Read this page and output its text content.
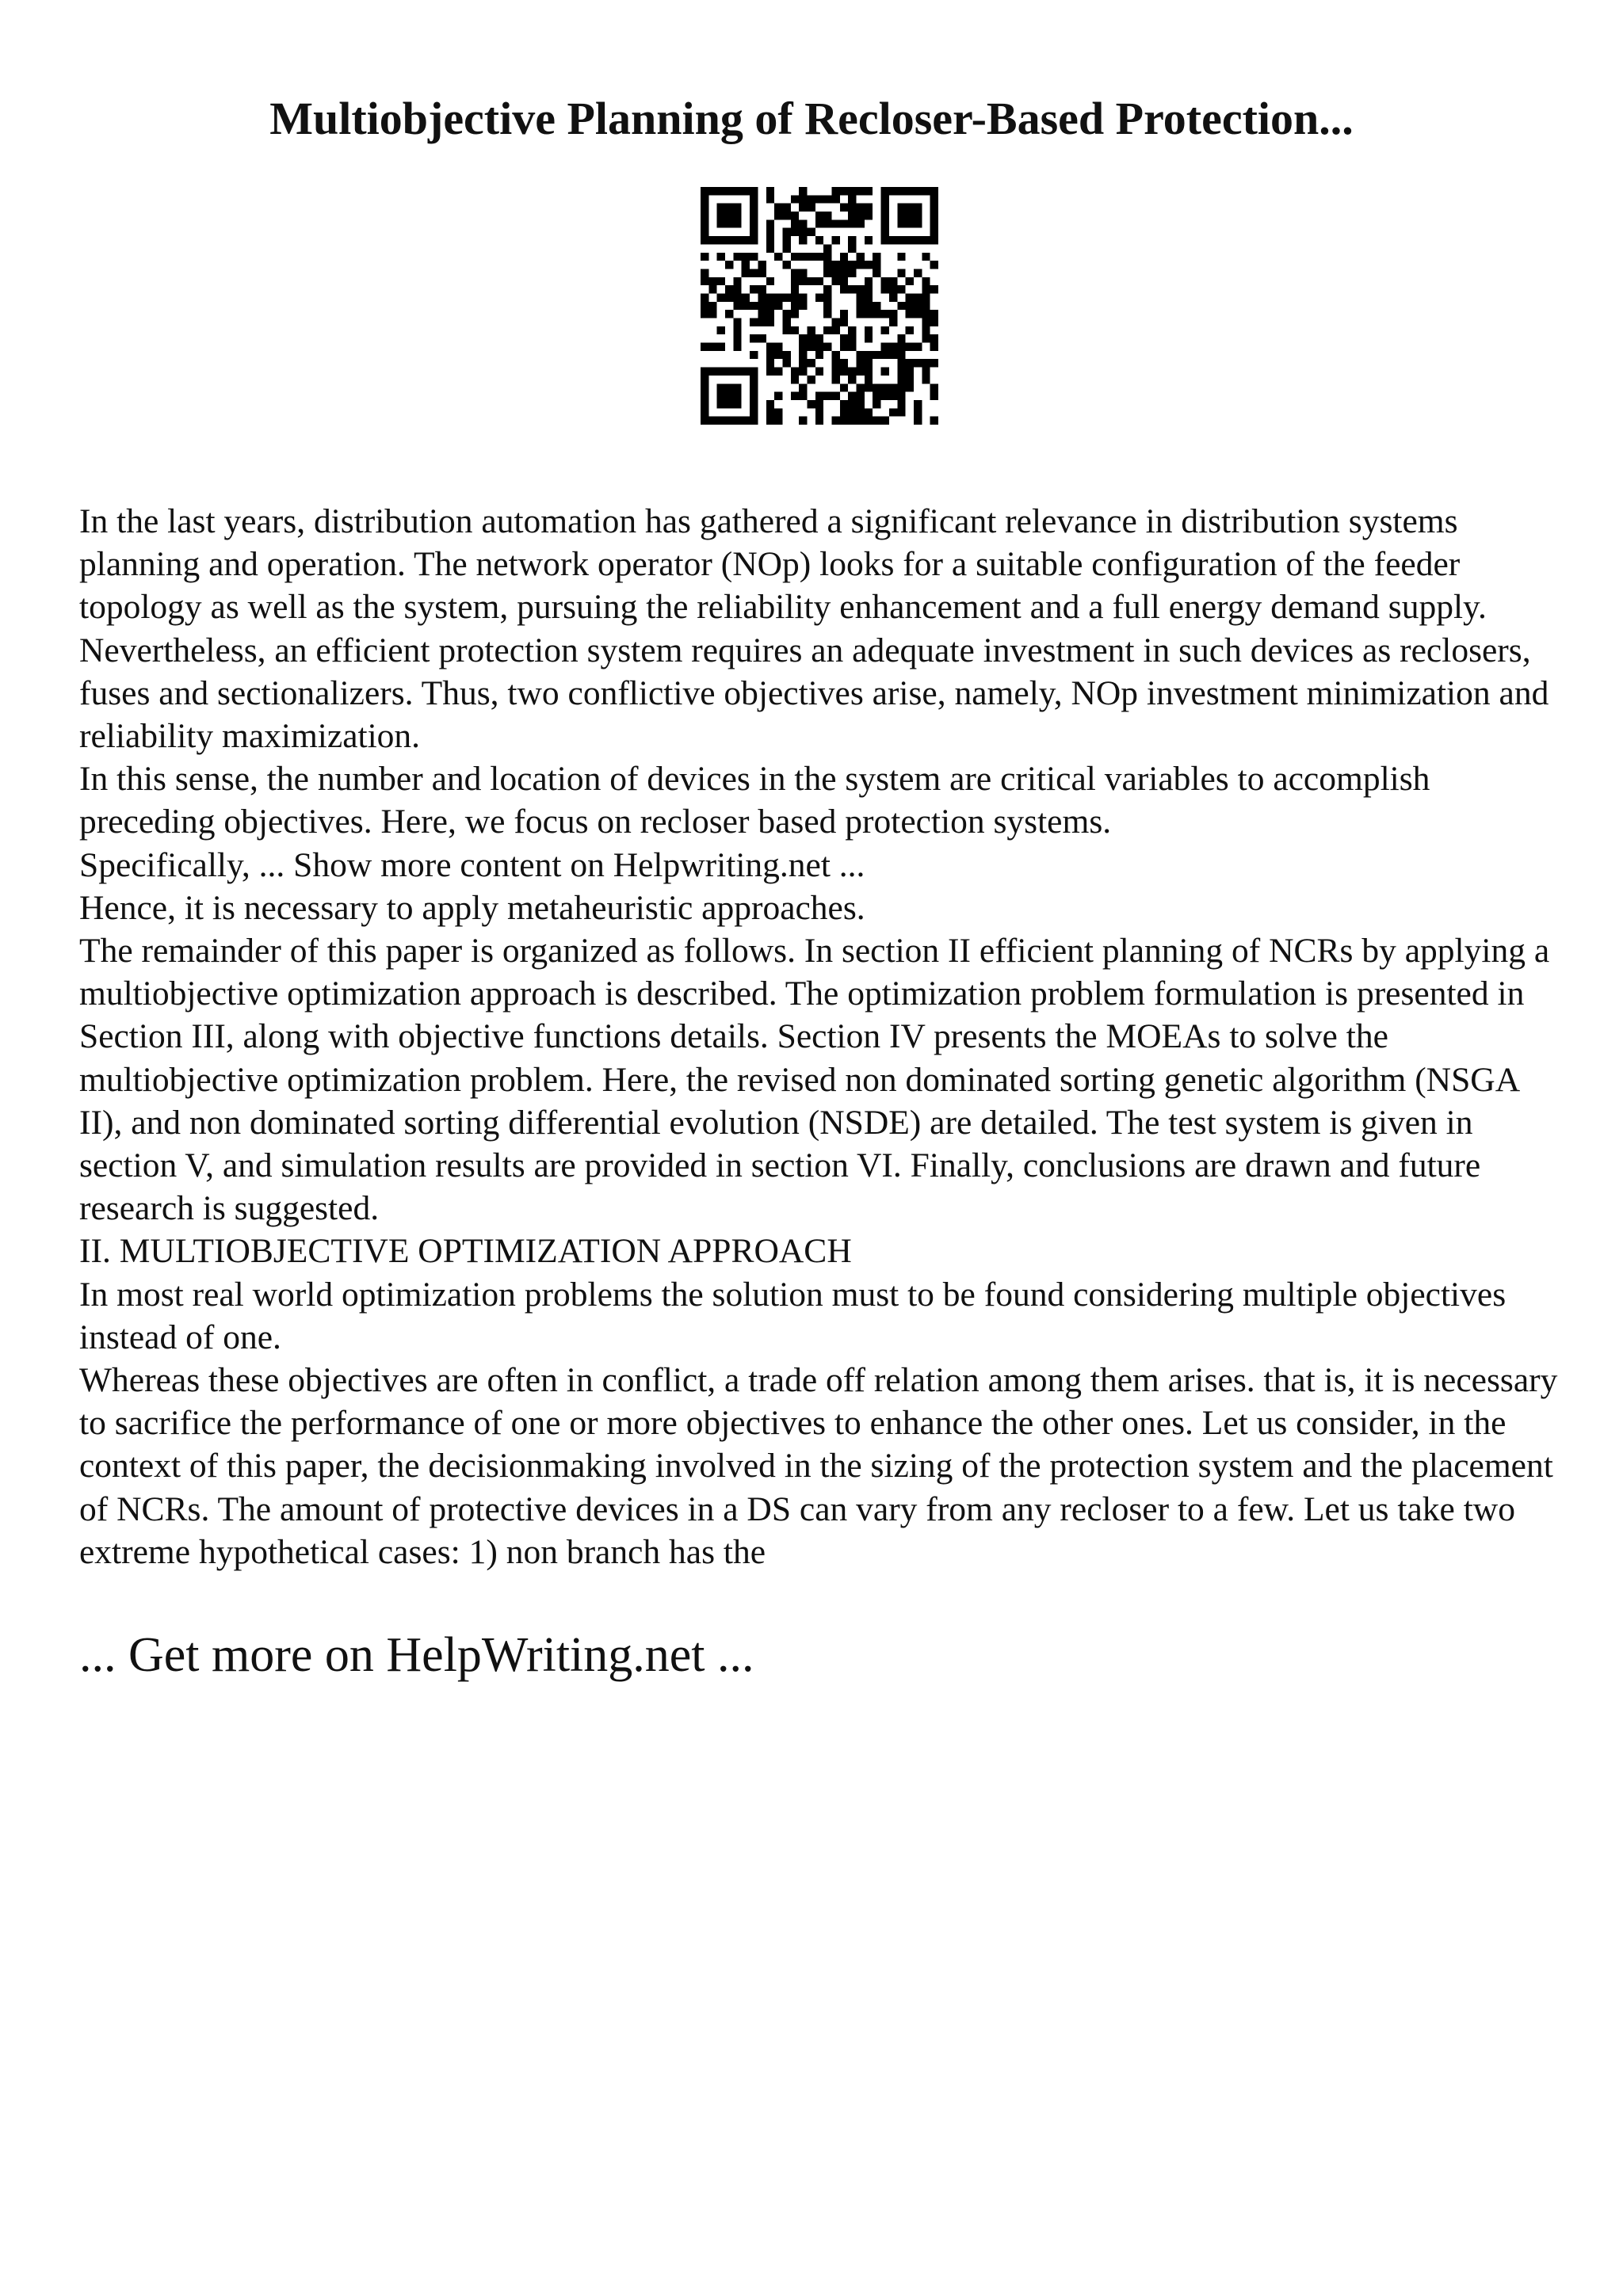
Multiobjective Planning of Recloser-Based Protection...

In the last years, distribution automation has gathered a significant relevance in distribution systems planning and operation. The network operator (NOp) looks for a suitable configuration of the feeder topology as well as the system, pursuing the reliability enhancement and a full energy demand supply. Nevertheless, an efficient protection system requires an adequate investment in such devices as reclosers, fuses and sectionalizers. Thus, two conflictive objectives arise, namely, NOp investment minimization and reliability maximization.

In this sense, the number and location of devices in the system are critical variables to accomplish preceding objectives. Here, we focus on recloser based protection systems.

Specifically, ... Show more content on Helpwriting.net ...

Hence, it is necessary to apply metaheuristic approaches.

The remainder of this paper is organized as follows. In section II efficient planning of NCRs by applying a multiobjective optimization approach is described. The optimization problem formulation is presented in Section III, along with objective functions details. Section IV presents the MOEAs to solve the multiobjective optimization problem. Here, the revised non dominated sorting genetic algorithm (NSGA II), and non dominated sorting differential evolution (NSDE) are detailed. The test system is given in section V, and simulation results are provided in section VI. Finally, conclusions are drawn and future research is suggested.

II. MULTIOBJECTIVE OPTIMIZATION APPROACH

In most real world optimization problems the solution must to be found considering multiple objectives instead of one.

Whereas these objectives are often in conflict, a trade off relation among them arises. that is, it is necessary to sacrifice the performance of one or more objectives to enhance the other ones. Let us consider, in the context of this paper, the decisionmaking involved in the sizing of the protection system and the placement of NCRs. The amount of protective devices in a DS can vary from any recloser to a few. Let us take two extreme hypothetical cases: 1) non branch has the

... Get more on HelpWriting.net ...
